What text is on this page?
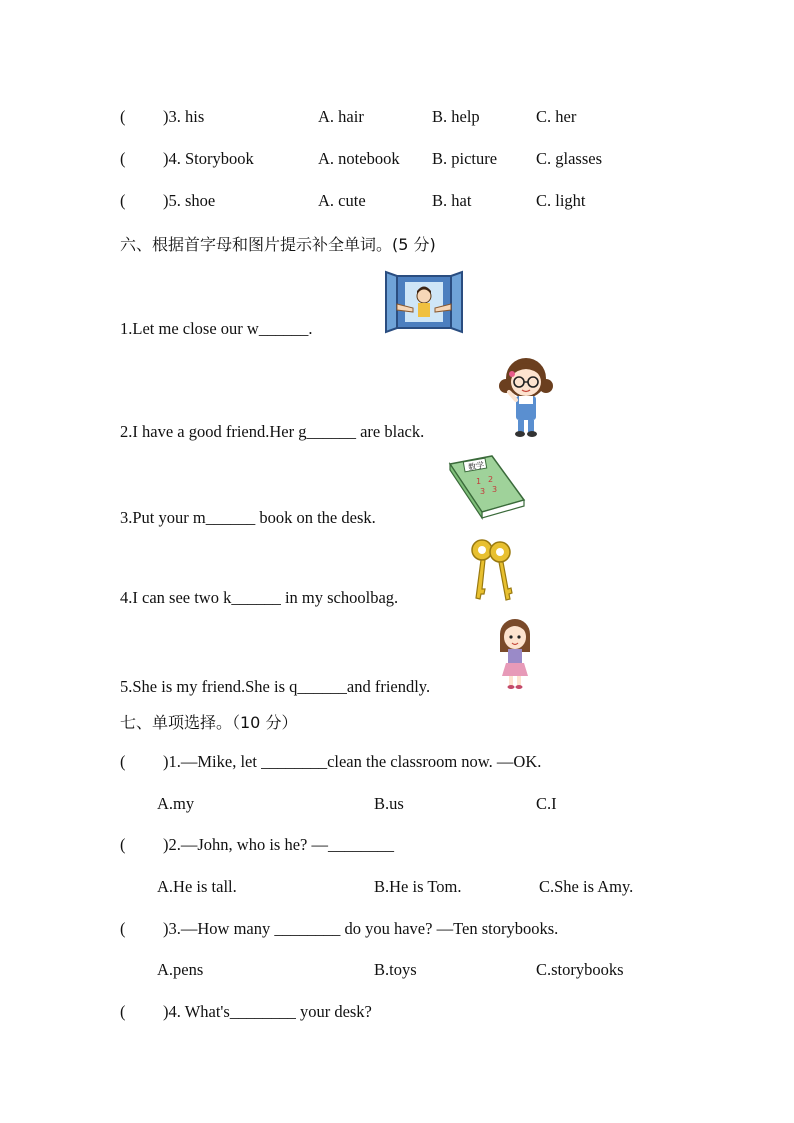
( )3. his	A. hair	B. help	C. her
( )4. Storybook	A. notebook B. picture C. glasses
( )5. shoe	A. cute	B. hat	C. light
六、根据首字母和图片提示补全单词。(5 分)
1.Let me close our w______.
2.I have a good friend.Her g______ are black.
3.Put your m______ book on the desk.
4.I can see two k______ in my schoolbag.
5.She is my friend.She is q______and friendly.
数学
1 2
3 3
七、单项选择。（10 分）
( )1.—Mike, let ________clean the classroom now. —OK.
A.my	B.us	C.I
( )2.—John, who is he? —________
A.He is tall.	B.He is Tom.	C.She is Amy.
( )3.—How many ________ do you have? —Ten storybooks.
A.pens	B.toys	C.storybooks
( )4. What's________ your desk?
